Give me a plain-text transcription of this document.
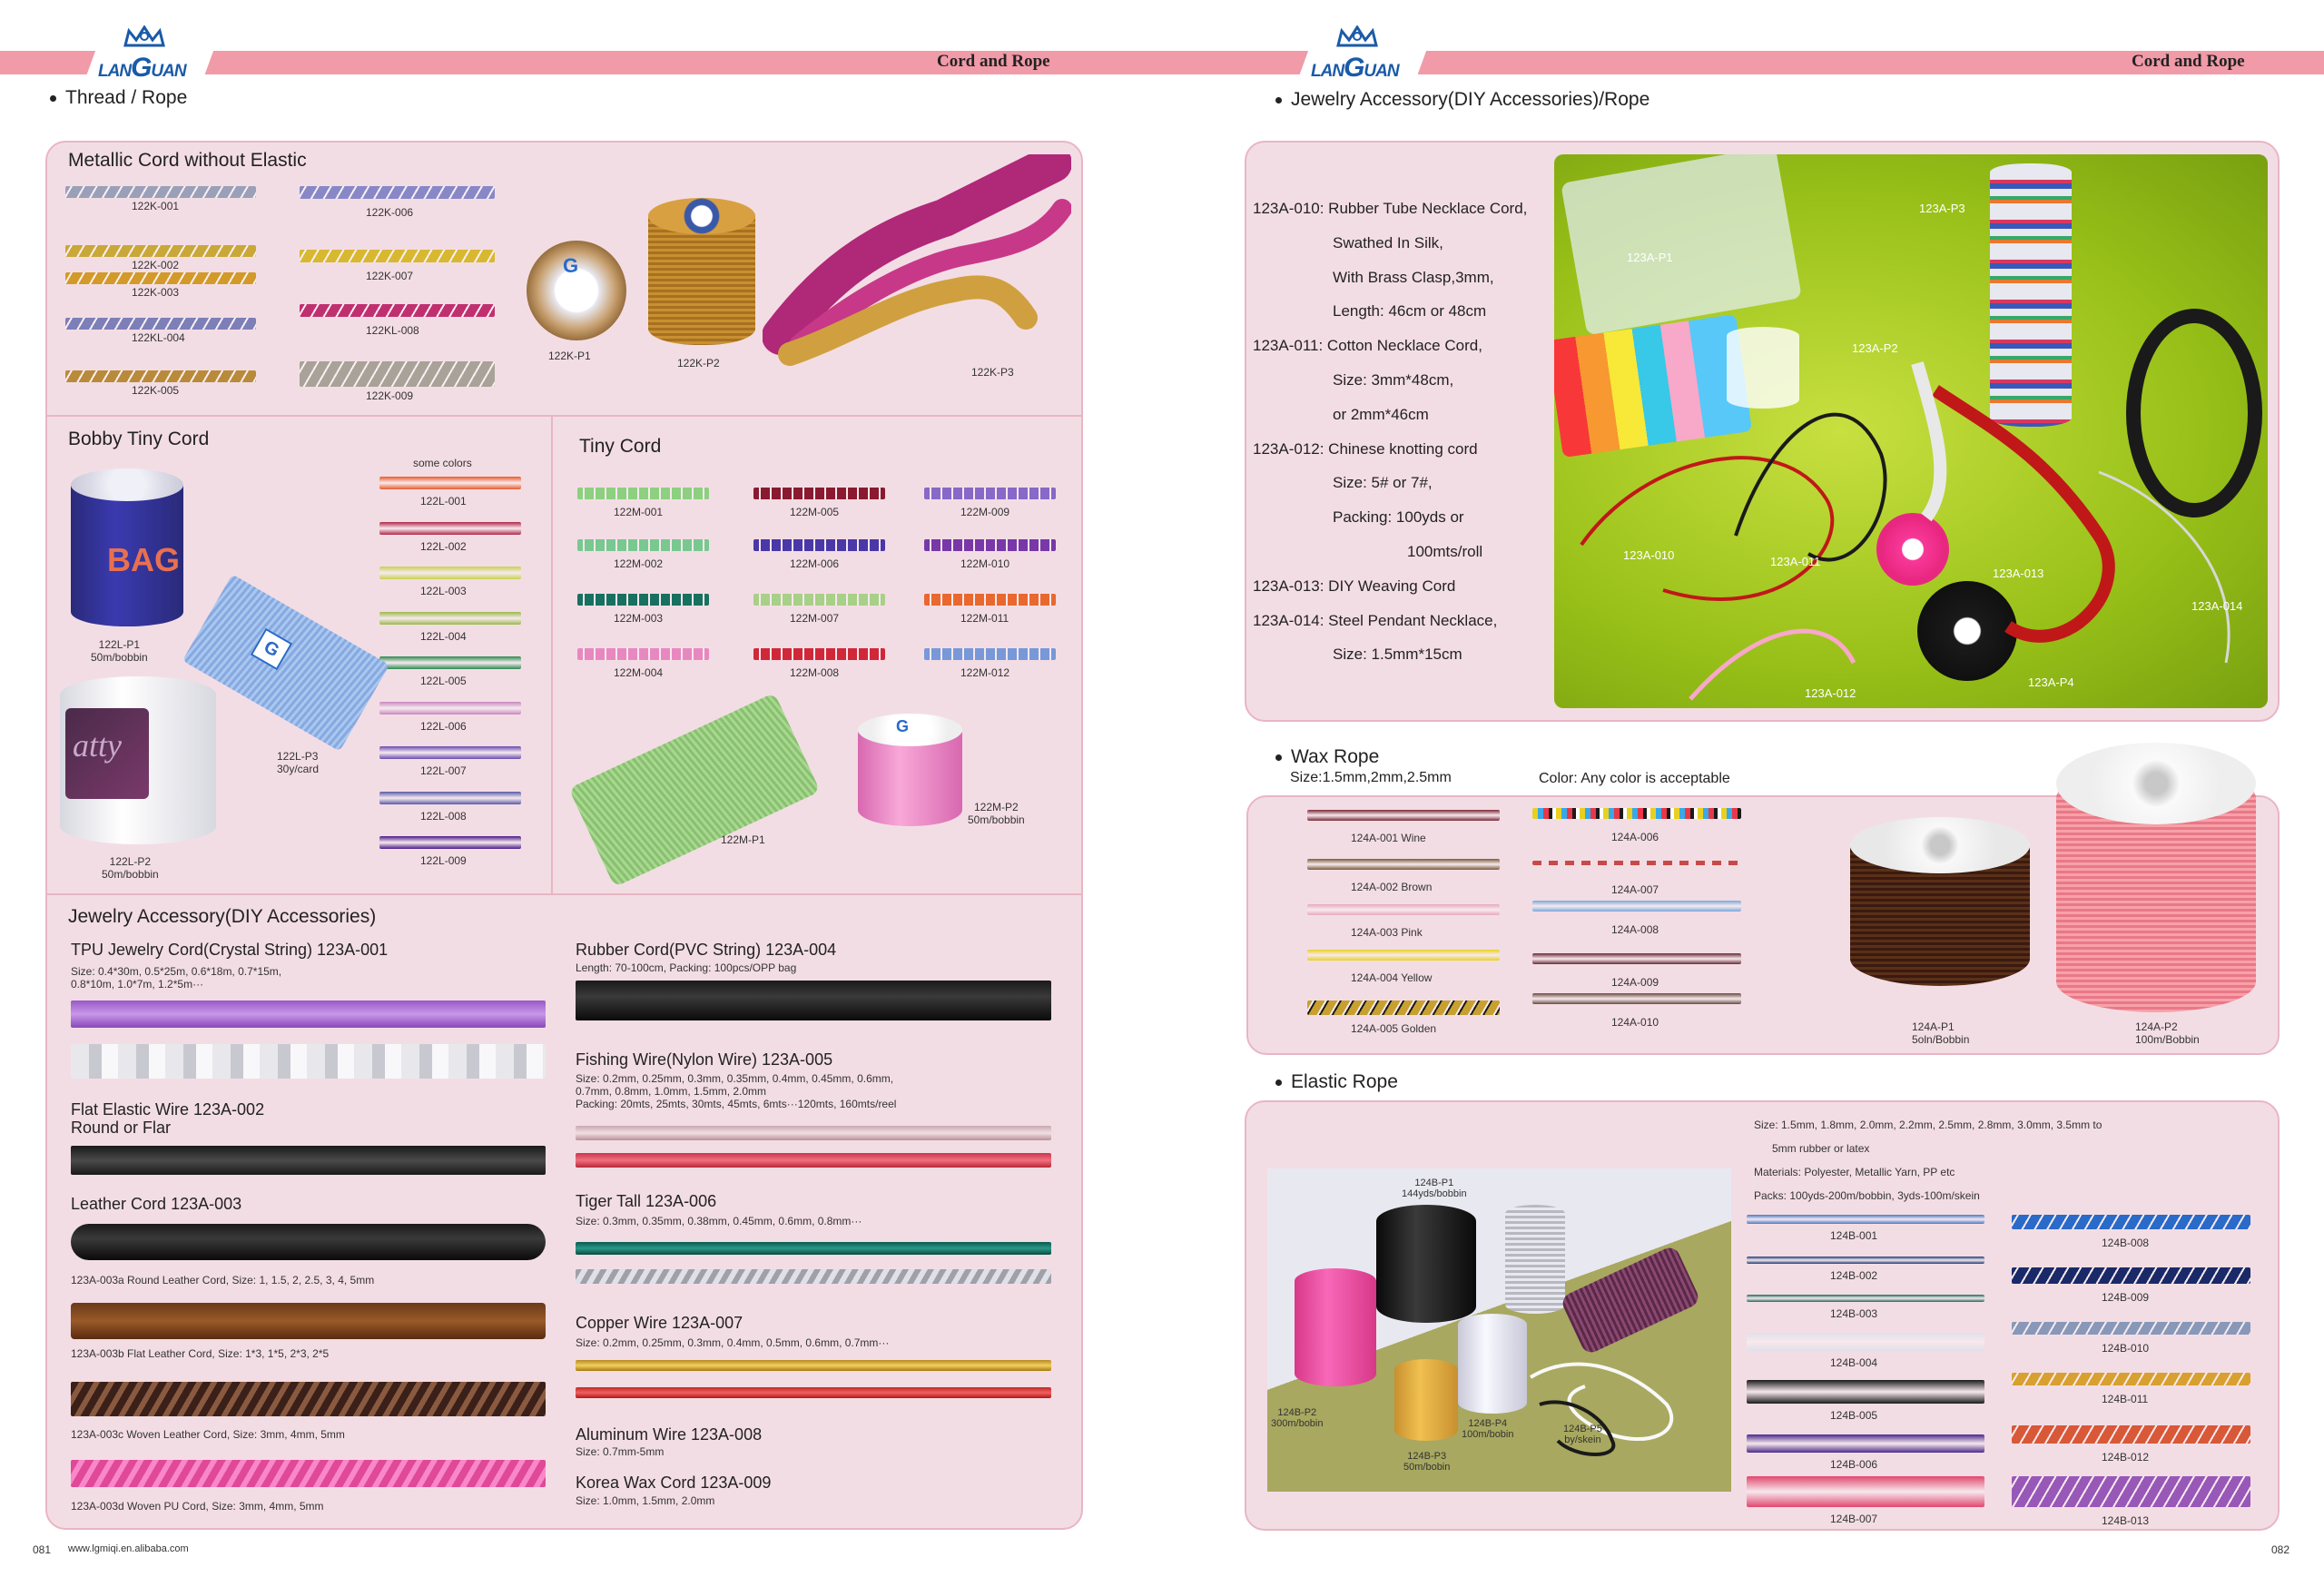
LANGUAN
Cord and Rope
LANGUAN
Cord and Rope
Thread / Rope
Metallic Cord without Elastic
122K-001
122K-002
122K-003
122KL-004
122K-005
122K-006
122K-007
122KL-008
122K-009
G
122K-P1
122K-P2
122K-P3
Bobby Tiny Cord
some colors
122L-001
122L-002
122L-003
122L-004
122L-005
122L-006
122L-007
122L-008
122L-009
BAG
122L-P1
50m/bobbin	G
122L-P3
30y/card
atty
122L-P2
50m/bobbin
Tiny Cord
122M-001
122M-002
122M-003
122M-004
122M-005
122M-006
122M-007
122M-008
122M-009
122M-010
122M-011
122M-012
122M-P1
G
122M-P2
50m/bobbin
Jewelry Accessory(DIY Accessories)
TPU Jewelry Cord(Crystal String) 123A-001
Size: 0.4*30m, 0.5*25m, 0.6*18m, 0.7*15m,
0.8*10m, 1.0*7m, 1.2*5m···
Flat Elastic Wire 123A-002
Round or Flar
Leather Cord 123A-003
123A-003a Round Leather Cord, Size: 1, 1.5, 2, 2.5, 3, 4, 5mm
123A-003b Flat Leather Cord, Size: 1*3, 1*5, 2*3, 2*5
123A-003c Woven Leather Cord, Size: 3mm, 4mm, 5mm
123A-003d Woven PU Cord, Size: 3mm, 4mm, 5mm
Rubber Cord(PVC String) 123A-004
Length: 70-100cm, Packing: 100pcs/OPP bag
Fishing Wire(Nylon Wire) 123A-005
Size: 0.2mm, 0.25mm, 0.3mm, 0.35mm, 0.4mm, 0.45mm, 0.6mm,
0.7mm, 0.8mm, 1.0mm, 1.5mm, 2.0mm
Packing: 20mts, 25mts, 30mts, 45mts, 6mts···120mts, 160mts/reel
Tiger Tall 123A-006
Size: 0.3mm, 0.35mm, 0.38mm, 0.45mm, 0.6mm, 0.8mm···
Copper Wire 123A-007
Size: 0.2mm, 0.25mm, 0.3mm, 0.4mm, 0.5mm, 0.6mm, 0.7mm···
Aluminum Wire 123A-008
Size: 0.7mm-5mm
Korea Wax Cord 123A-009
Size: 1.0mm, 1.5mm, 2.0mm
081 www.lgmiqi.en.alibaba.com
Jewelry Accessory(DIY Accessories)/Rope
123A-010: Rubber Tube Necklace Cord,
Swathed In Silk,
With Brass Clasp,3mm,
Length: 46cm or 48cm
123A-011: Cotton Necklace Cord,
Size: 3mm*48cm,
or 2mm*46cm
123A-012: Chinese knotting cord
Size: 5# or 7#,
Packing: 100yds or
100mts/roll
123A-013: DIY Weaving Cord
123A-014: Steel Pendant Necklace,
Size: 1.5mm*15cm
123A-P3
123A-P1
123A-P2
123A-010	123A-011
123A-013
123A-014
123A-012
123A-P4
Wax Rope
Size:1.5mm,2mm,2.5mm	Color: Any color is acceptable
124A-001 Wine
124A-002 Brown
124A-003 Pink
124A-004 Yellow
124A-005 Golden
124A-006
124A-007
124A-008
124A-009
124A-010	124A-P1
5oln/Bobbin
124A-P2
100m/Bobbin
Elastic Rope
Size: 1.5mm, 1.8mm, 2.0mm, 2.2mm, 2.5mm, 2.8mm, 3.0mm, 3.5mm to
5mm rubber or latex
Materials: Polyester, Metallic Yarn, PP etc
Packs: 100yds-200m/bobbin, 3yds-100m/skein
124B-P1
144yds/bobbin
124B-P2
300m/bobin
124B-P3
50m/bobin
124B-P4
100m/bobin	124B-P5
by/skein
124B-001
124B-002
124B-003
124B-004
124B-005
124B-006
124B-007
124B-008
124B-009
124B-010
124B-011
124B-012
124B-013
082
